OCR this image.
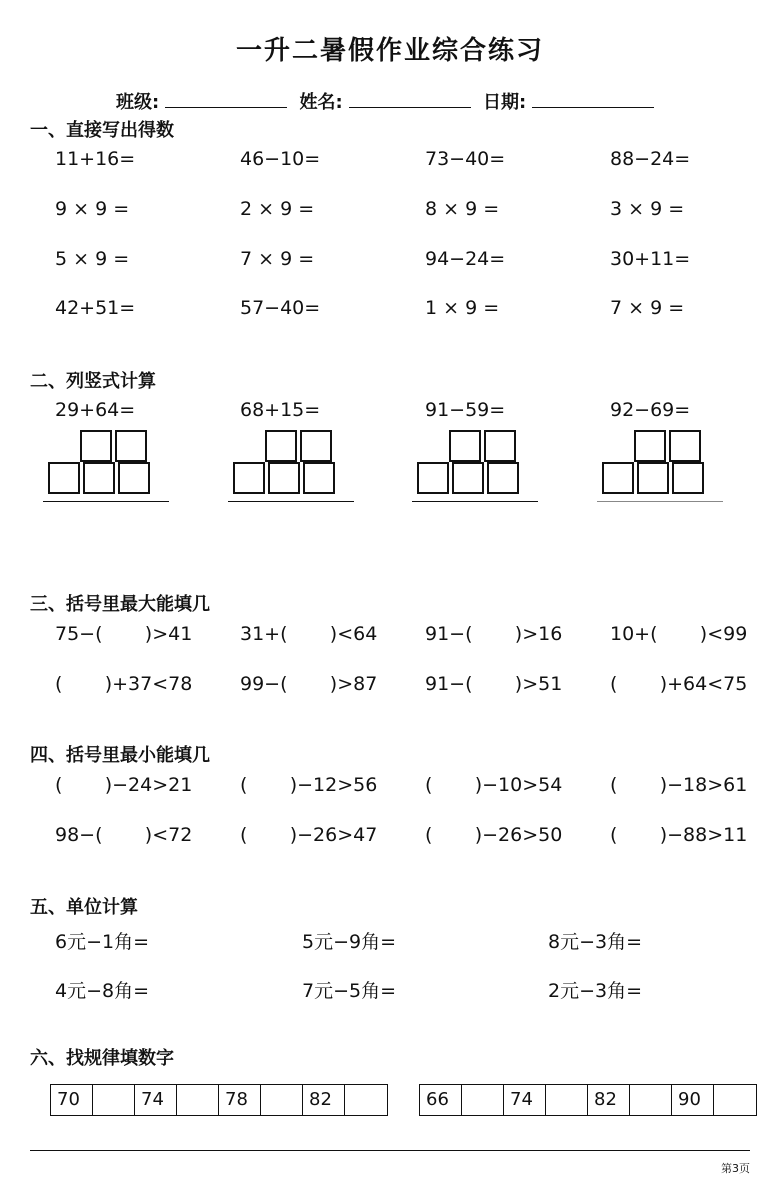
一升二暑假作业综合练习
班级:	姓名:	日期:
一、直接写出得数
11+16=	46−10=	73−40=	88−24=
9 × 9 =	2 × 9 =	8 × 9 =	3 × 9 =
5 × 9 =	7 × 9 =	94−24=	30+11=
42+51=	57−40=	1 × 9 =	7 × 9 =
二、列竖式计算
29+64=	68+15=	91−59=	92−69=
三、括号里最大能填几
75−(       )>41	31+(       )<64	91−(       )>16	10+(       )<99
(       )+37<78	99−(       )>87	91−(       )>51	(       )+64<75
四、括号里最小能填几
(       )−24>21	(       )−12>56	(       )−10>54	(       )−18>61
98−(       )<72	(       )−26>47	(       )−26>50	(       )−88>11
五、单位计算
6元−1角=	5元−9角=	8元−3角=
4元−8角=	7元−5角=	2元−3角=
六、找规律填数字
70	74	78	82	66	74	82	90
第3页
